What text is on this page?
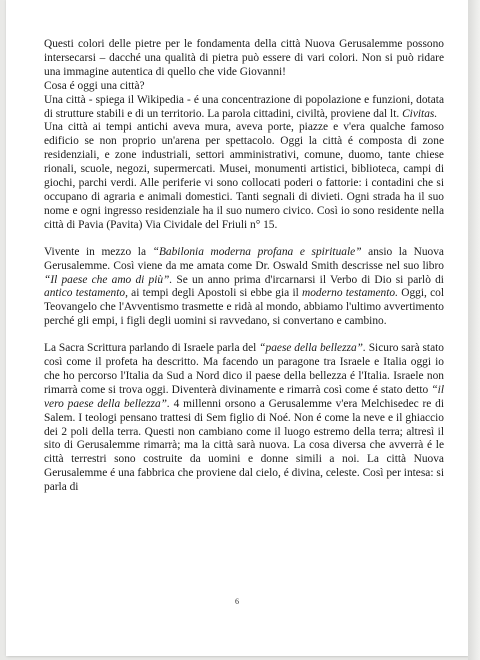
Questi colori delle pietre per le fondamenta della città Nuova Gerusalemme possono intersecarsi – dacché una qualità di pietra può essere di vari colori. Non si può ridare una immagine autentica di quello che vide Giovanni!

Cosa é oggi una città?

Una città - spiega il Wikipedia - é una concentrazione di popolazione e funzioni, dotata di strutture stabili e di un territorio. La parola cittadini, civiltà, proviene dal lt. Civitas.

Una città ai tempi antichi aveva mura, aveva porte, piazze e v'era qualche famoso edificio se non proprio un'arena per spettacolo. Oggi la città é composta di zone residenziali, e zone industriali, settori amministrativi, comune, duomo, tante chiese rionali, scuole, negozi, supermercati. Musei, monumenti artistici, biblioteca, campi di giochi, parchi verdi. Alle periferie vi sono collocati poderi o fattorie: i contadini che si occupano di agraria e animali domestici. Tanti segnali di divieti. Ogni strada ha il suo nome e ogni ingresso residenziale ha il suo numero civico. Così io sono residente nella città di Pavia (Pavita) Via Cividale del Friuli n° 15.

Vivente in mezzo la “Babilonia moderna profana e spirituale” ansio la Nuova Gerusalemme. Così viene da me amata come Dr. Oswald Smith descrisse nel suo libro “Il paese che amo di più”. Se un anno prima d'ircarnarsi il Verbo di Dio si parlò di antico testamento, ai tempi degli Apostoli si ebbe gia il moderno testamento. Oggi, col Teovangelo che l'Avventismo trasmette e ridà al mondo, abbiamo l'ultimo avvertimento perché gli empi, i figli degli uomini si ravvedano, si convertano e cambino.

La Sacra Scrittura parlando di Israele parla del “paese della bellezza”. Sicuro sarà stato così come il profeta ha descritto. Ma facendo un paragone tra Israele e Italia oggi io che ho percorso l'Italia da Sud a Nord dico il paese della bellezza é l'Italia. Israele non rimarrà come si trova oggi. Diventerà divinamente e rimarrà così come é stato detto “il vero paese della bellezza”. 4 millenni orsono a Gerusalemme v'era Melchisedec re di Salem. I teologi pensano trattesi di Sem figlio di Noé. Non é come la neve e il ghiaccio dei 2 poli della terra. Questi non cambiano come il luogo estremo della terra; altresì il sito di Gerusalemme rimarrà; ma la città sarà nuova. La cosa diversa che avverrà é le città terrestri sono costruite da uomini e donne simili a noi. La città Nuova Gerusalemme é una fabbrica che proviene dal cielo, é divina, celeste. Così per intesa: si parla di

6
